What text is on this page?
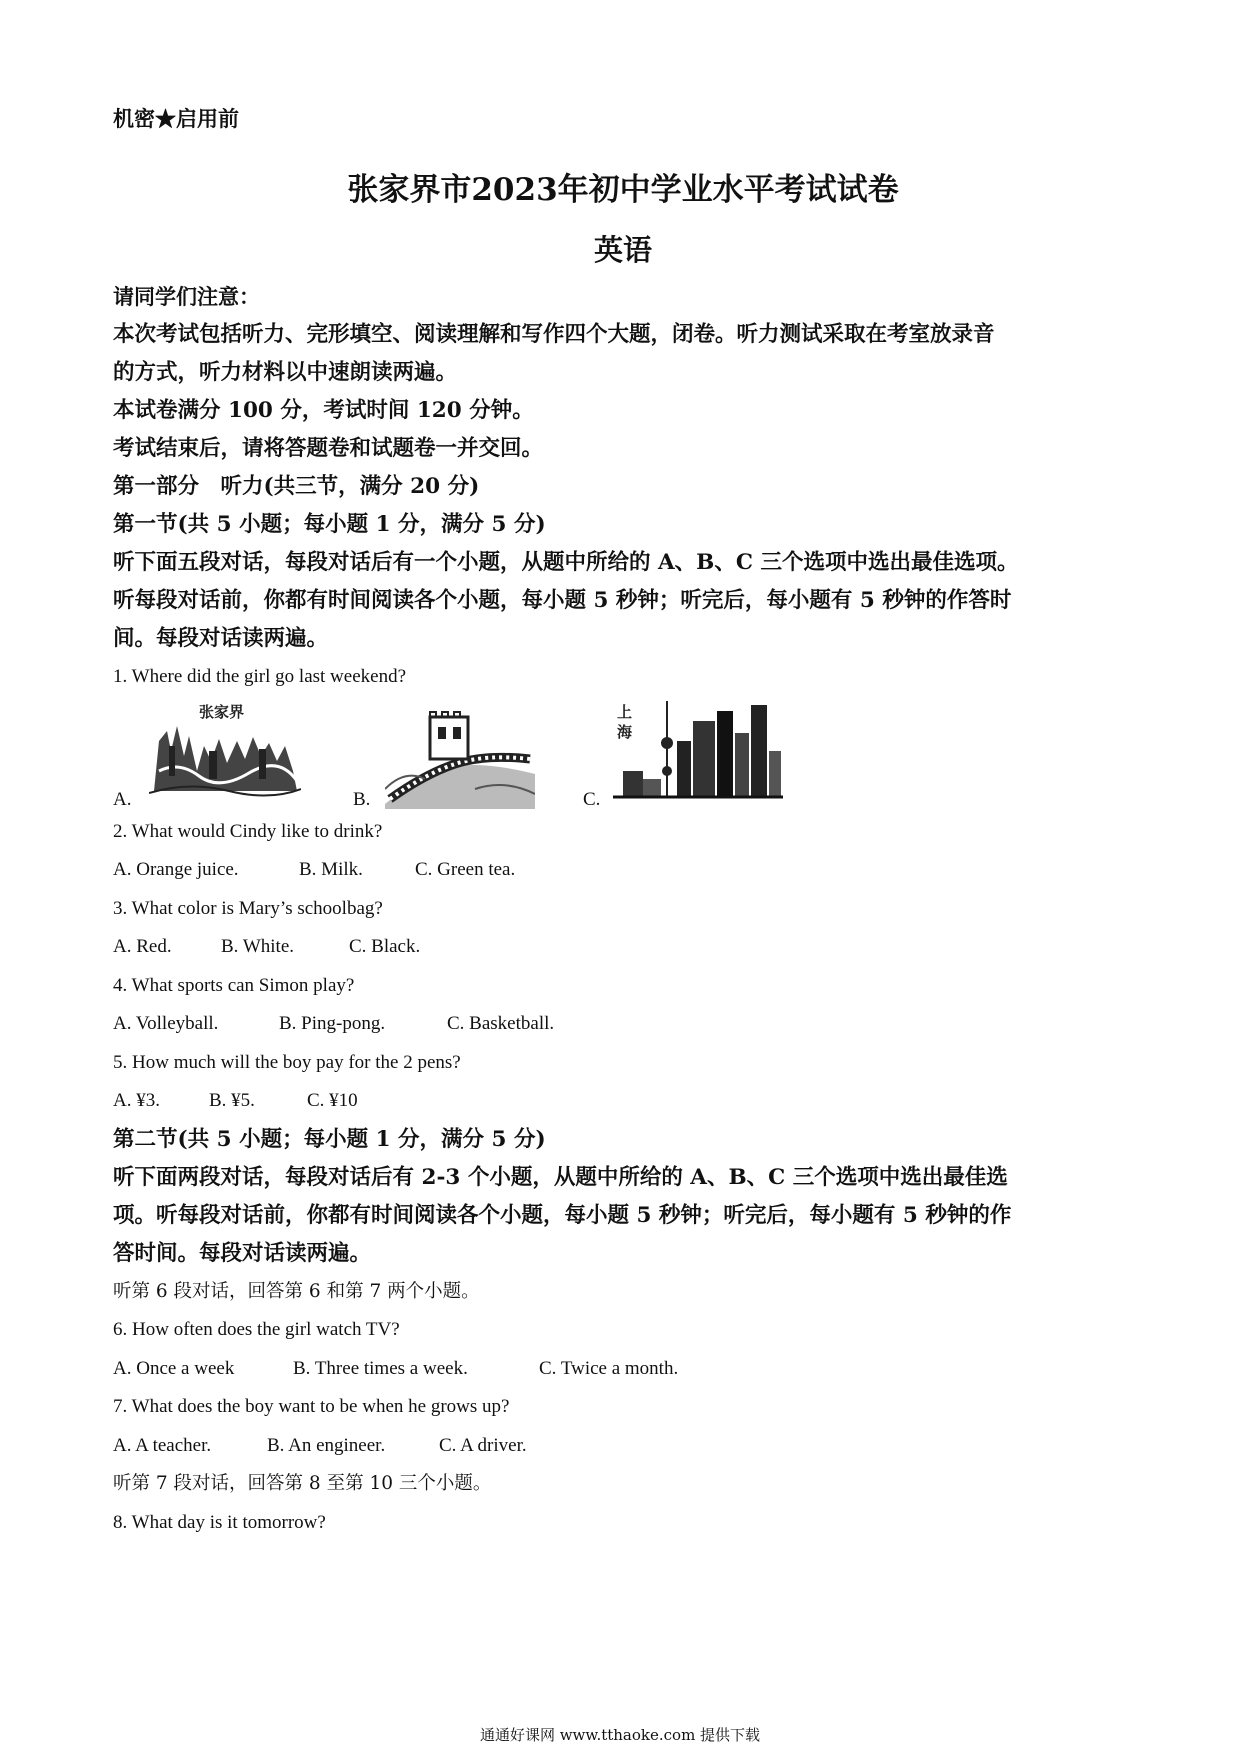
机密★启用前
张家界市2023年初中学业水平考试试卷
英语
请同学们注意：
本次考试包括听力、完形填空、阅读理解和写作四个大题，闭卷。听力测试采取在考室放录音
的方式，听力材料以中速朗读两遍。
本试卷满分 100 分，考试时间 120 分钟。
考试结束后，请将答题卷和试题卷一并交回。
第一部分　听力(共三节，满分 20 分)
第一节(共 5 小题；每小题 1 分，满分 5 分)
听下面五段对话，每段对话后有一个小题，从题中所给的 A、B、C 三个选项中选出最佳选项。
听每段对话前，你都有时间阅读各个小题，每小题 5 秒钟；听完后，每小题有 5 秒钟的作答时
间。每段对话读两遍。
1. Where did the girl go last weekend?
A.
张家界
B.	C.
上
海
2. What would Cindy like to drink?
A. Orange juice.	B. Milk.	C. Green tea.
3. What color is Mary’s schoolbag?
A. Red.	B. White.	C. Black.
4. What sports can Simon play?
A. Volleyball.	B. Ping-pong.	C. Basketball.
5. How much will the boy pay for the 2 pens?
A. ¥3.	B. ¥5.	C. ¥10
第二节(共 5 小题；每小题 1 分，满分 5 分)
听下面两段对话，每段对话后有 2-3 个小题，从题中所给的 A、B、C 三个选项中选出最佳选
项。听每段对话前，你都有时间阅读各个小题，每小题 5 秒钟；听完后，每小题有 5 秒钟的作
答时间。每段对话读两遍。
听第 6 段对话，回答第 6 和第 7 两个小题。
6. How often does the girl watch TV?
A. Once a week	B. Three times a week.	C. Twice a month.
7. What does the boy want to be when he grows up?
A. A teacher.	B. An engineer.	C. A driver.
听第 7 段对话，回答第 8 至第 10 三个小题。
8. What day is it tomorrow?
通通好课网 www.tthaoke.com 提供下载
